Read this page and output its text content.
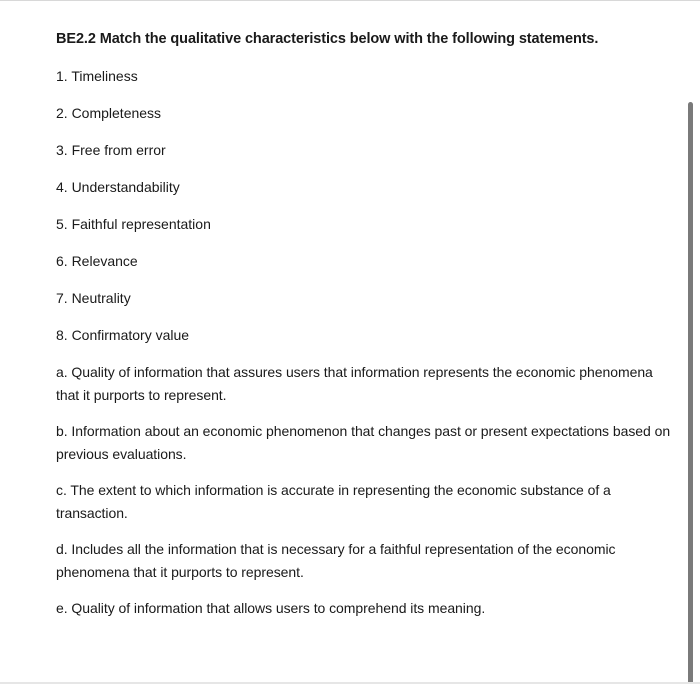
BE2.2 Match the qualitative characteristics below with the following statements.
1. Timeliness
2. Completeness
3. Free from error
4. Understandability
5. Faithful representation
6. Relevance
7. Neutrality
8. Confirmatory value
a. Quality of information that assures users that information represents the economic phenomena that it purports to represent.
b. Information about an economic phenomenon that changes past or present expectations based on previous evaluations.
c. The extent to which information is accurate in representing the economic substance of a transaction.
d. Includes all the information that is necessary for a faithful representation of the economic phenomena that it purports to represent.
e. Quality of information that allows users to comprehend its meaning.
